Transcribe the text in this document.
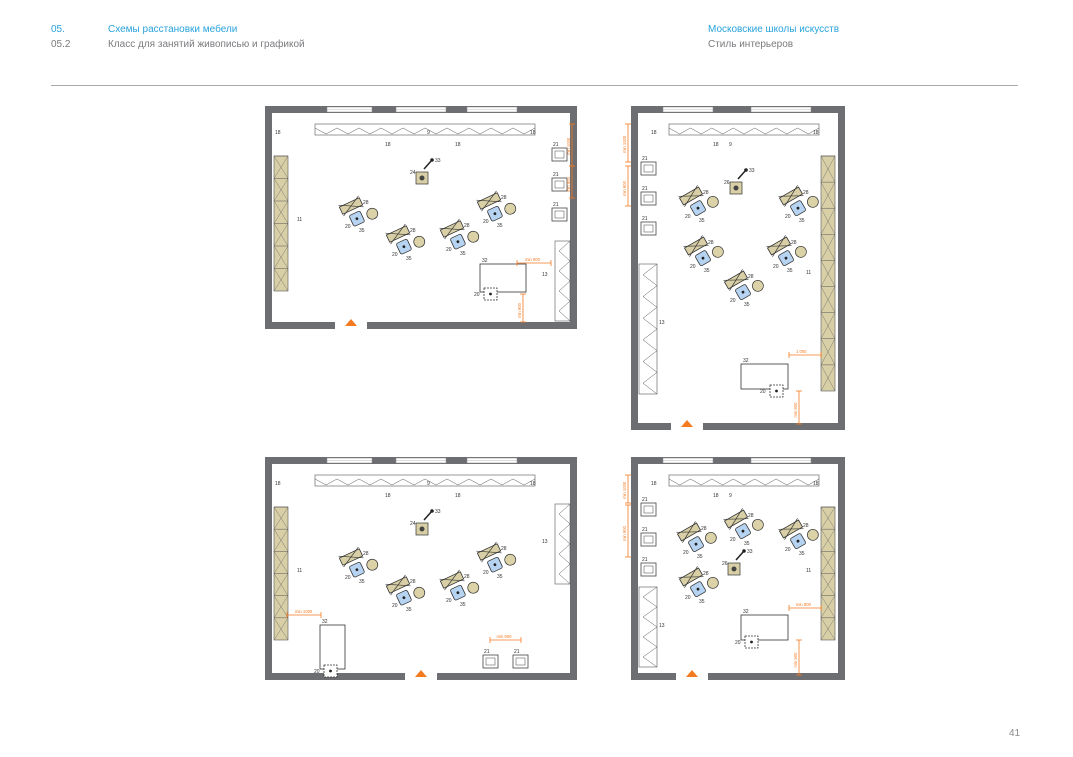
05.	Схемы расстановки мебели
05.2	Класс для занятий живописью и графикой
Московские школы искусств
Стиль интерьеров
18
18
9
18
18
11
21
21
21
min 1000
min 900
24
33
28
20
35	28
20
35
28
20
35
28
20
35
32
20
13
min 900
min 900
18
18 9
18
21
21
21
min 1000
min 900
13
11
26
33
28
20
35
28
20
35
28
20
35
28
20
35
28
20
35
32
20
1 000
min 900
18
18
9
18
18
11
13
24
33
28
20
35	28
20
35
28
20
35
28
20
35
32
20
min 1000
21	21
min 900
18
18 9
18
21
21
21
min 1000
min 900
13
11
28
20
35
28
20
35
28
20
35
28
20
35
26
33
32
20
min 900
min 900
41
